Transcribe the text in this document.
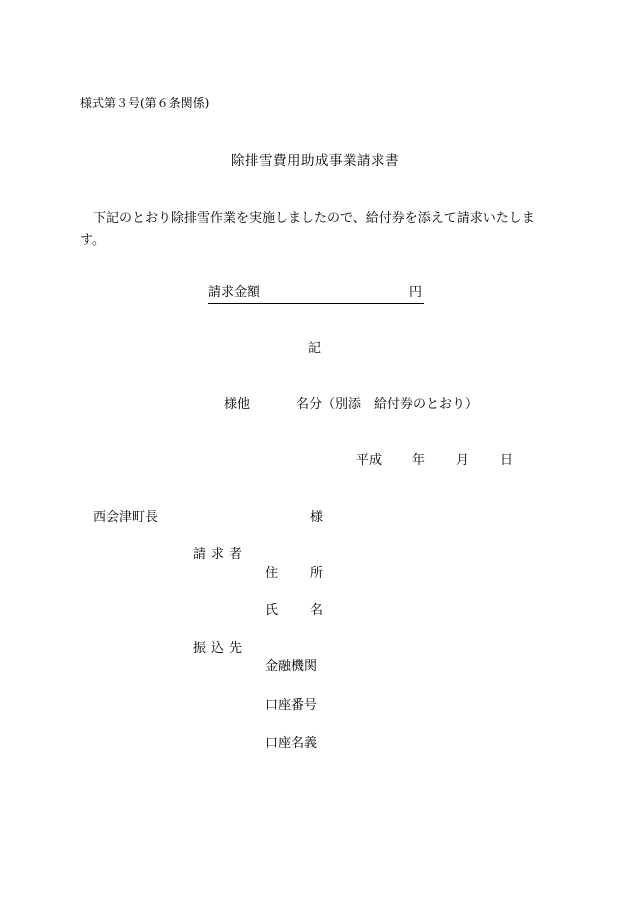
様式第３号(第６条関係)
除排雪費用助成事業請求書
下記のとおり除排雪作業を実施しましたので、給付券を添えて請求いたします。
請求金額	円
記
様他	名分（別添　給付券のとおり）
平成 年 月 日
西会津町長	様
請求者
住 所
氏 名
振込先
金融機関
口座番号
口座名義
